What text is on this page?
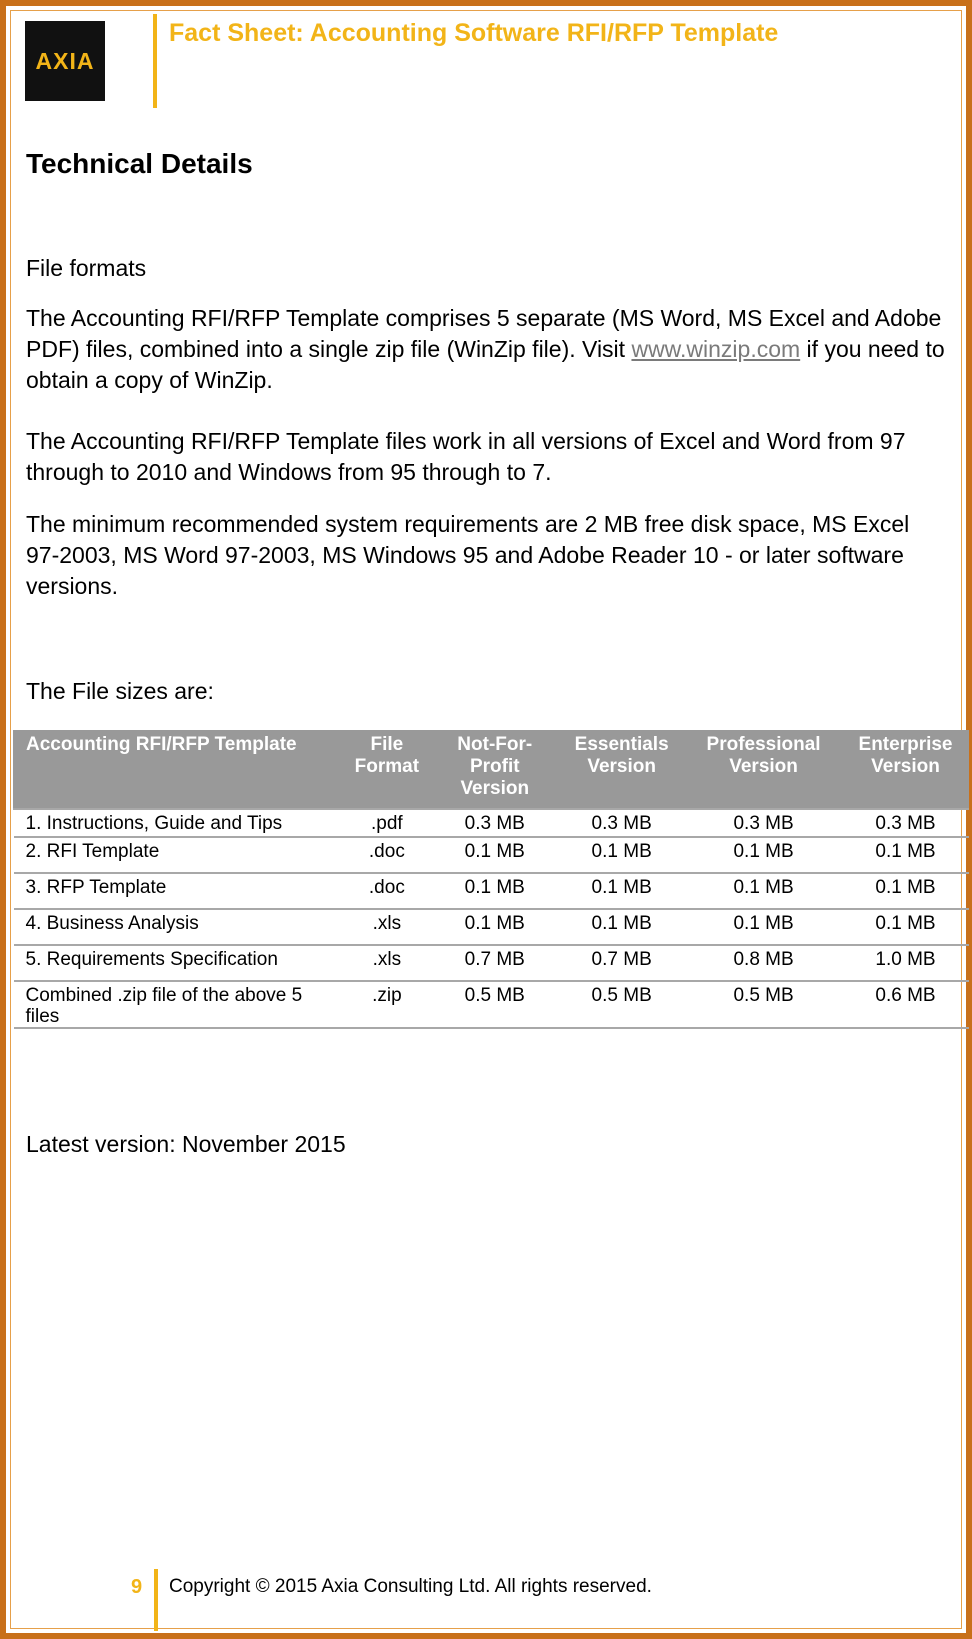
AXIA
Fact Sheet: Accounting Software RFI/RFP Template
Technical Details
File formats
The Accounting RFI/RFP Template comprises 5 separate (MS Word, MS Excel and Adobe PDF) files, combined into a single zip file (WinZip file). Visit www.winzip.com if you need to obtain a copy of WinZip.
The Accounting RFI/RFP Template files work in all versions of Excel and Word from 97 through to 2010 and Windows from 95 through to 7.
The minimum recommended system requirements are 2 MB free disk space, MS Excel 97-2003, MS Word 97-2003, MS Windows 95 and Adobe Reader 10 - or later software versions.
The File sizes are:
Accounting RFI/RFP Template	File Format	Not-For-Profit Version	Essentials Version	Professional Version	Enterprise Version
1. Instructions, Guide and Tips	.pdf	0.3 MB	0.3 MB	0.3 MB	0.3 MB
2. RFI Template	.doc	0.1 MB	0.1 MB	0.1 MB	0.1 MB
3. RFP Template	.doc	0.1 MB	0.1 MB	0.1 MB	0.1 MB
4. Business Analysis	.xls	0.1 MB	0.1 MB	0.1 MB	0.1 MB
5. Requirements Specification	.xls	0.7 MB	0.7 MB	0.8 MB	1.0 MB
Combined .zip file of the above 5 files	.zip	0.5 MB	0.5 MB	0.5 MB	0.6 MB
Latest version: November 2015
9 Copyright © 2015 Axia Consulting Ltd. All rights reserved.
